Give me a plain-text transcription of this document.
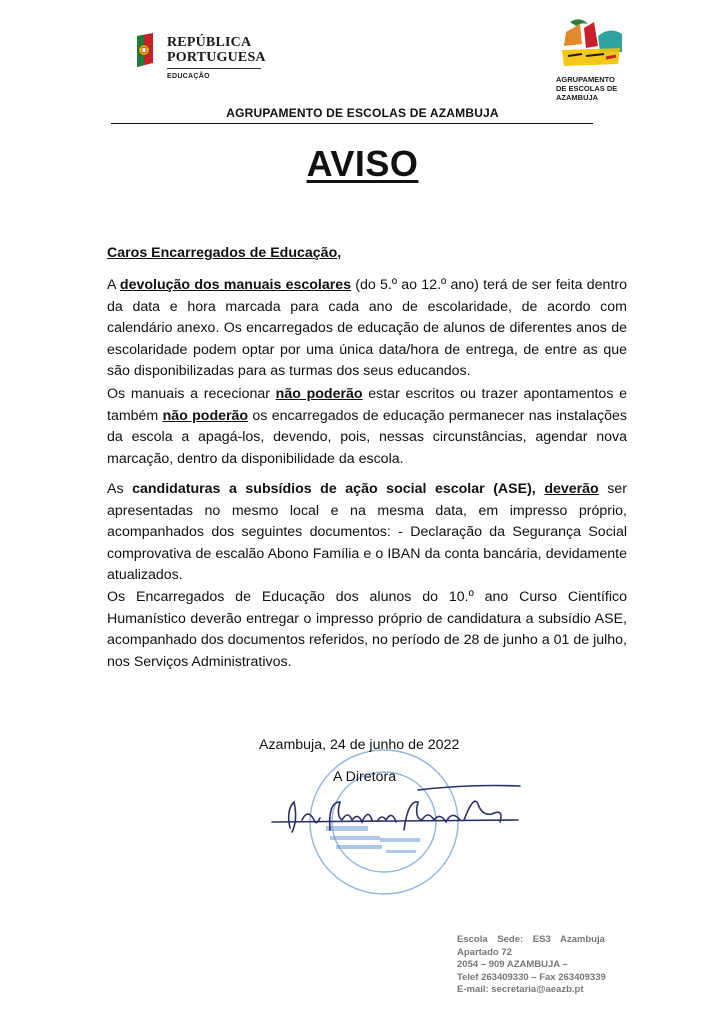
REPÚBLICA
PORTUGUESA
EDUCAÇÃO	AGRUPAMENTO
DE ESCOLAS DE AZAMBUJA
AGRUPAMENTO DE ESCOLAS DE AZAMBUJA
AVISO
Caros Encarregados de Educação,
A devolução dos manuais escolares (do 5.º ao 12.º ano) terá de ser feita dentro da data e hora marcada para cada ano de escolaridade, de acordo com calendário anexo. Os encarregados de educação de alunos de diferentes anos de escolaridade podem optar por uma única data/hora de entrega, de entre as que são disponibilizadas para as turmas dos seus educandos.
Os manuais a rececionar não poderão estar escritos ou trazer apontamentos e também não poderão os encarregados de educação permanecer nas instalações da escola a apagá-los, devendo, pois, nessas circunstâncias, agendar nova marcação, dentro da disponibilidade da escola.
As candidaturas a subsídios de ação social escolar (ASE), deverão ser apresentadas no mesmo local e na mesma data, em impresso próprio, acompanhados dos seguintes documentos: - Declaração da Segurança Social comprovativa de escalão Abono Família e o IBAN da conta bancária, devidamente atualizados.
Os Encarregados de Educação dos alunos do 10.º ano Curso Científico Humanístico deverão entregar o impresso próprio de candidatura a subsídio ASE, acompanhado dos documentos referidos, no período de 28 de junho a 01 de julho, nos Serviços Administrativos.
Azambuja, 24 de junho de 2022
A Diretora
Escola Sede: ES3 Azambuja
Apartado 72
2054 – 909 AZAMBUJA –
Telef 263409330 – Fax 263409339
E-mail: secretaria@aeazb.pt
